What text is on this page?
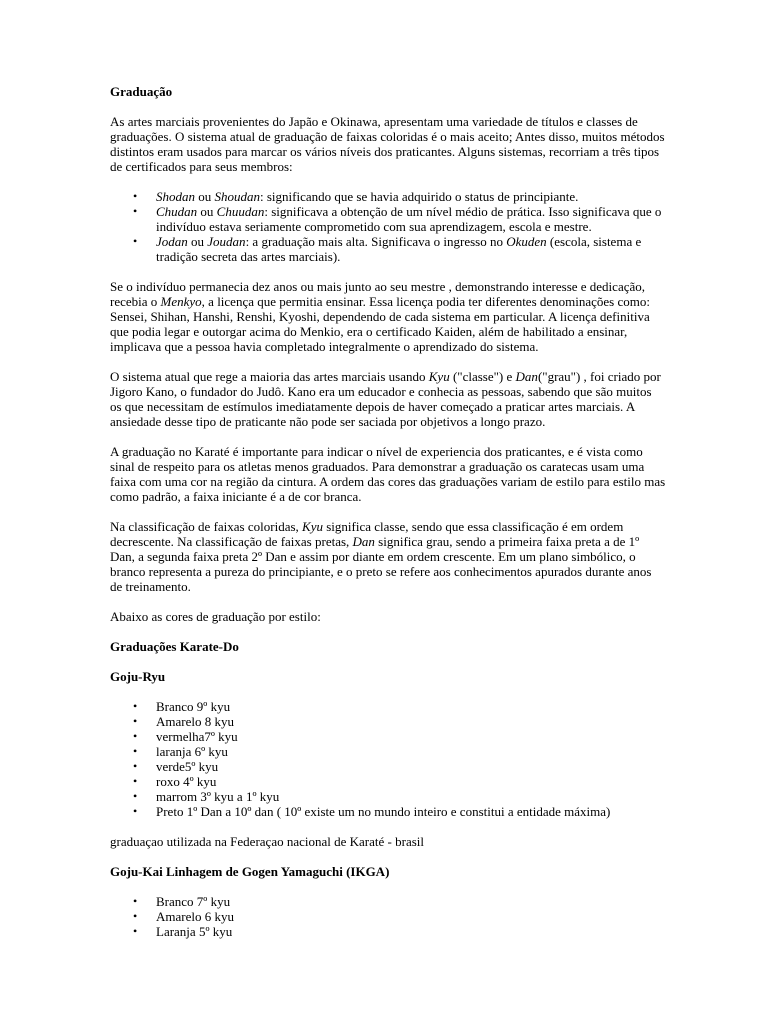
Graduação

As artes marciais provenientes do Japão e Okinawa, apresentam uma variedade de títulos e classes de graduações. O sistema atual de graduação de faixas coloridas é o mais aceito; Antes disso, muitos métodos distintos eram usados para marcar os vários níveis dos praticantes. Alguns sistemas, recorriam a três tipos de certificados para seus membros:

• Shodan ou Shoudan: significando que se havia adquirido o status de principiante.
• Chudan ou Chuudan: significava a obtenção de um nível médio de prática. Isso significava que o indivíduo estava seriamente comprometido com sua aprendizagem, escola e mestre.
• Jodan ou Joudan: a graduação mais alta. Significava o ingresso no Okuden (escola, sistema e tradição secreta das artes marciais).

Se o indivíduo permanecia dez anos ou mais junto ao seu mestre , demonstrando interesse e dedicação, recebia o Menkyo, a licença que permitia ensinar. Essa licença podia ter diferentes denominações como: Sensei, Shihan, Hanshi, Renshi, Kyoshi, dependendo de cada sistema em particular. A licença definitiva que podia legar e outorgar acima do Menkio, era o certificado Kaiden, além de habilitado a ensinar, implicava que a pessoa havia completado integralmente o aprendizado do sistema.

O sistema atual que rege a maioria das artes marciais usando Kyu ("classe") e Dan("grau") , foi criado por Jigoro Kano, o fundador do Judô. Kano era um educador e conhecia as pessoas, sabendo que são muitos os que necessitam de estímulos imediatamente depois de haver começado a praticar artes marciais. A ansiedade desse tipo de praticante não pode ser saciada por objetivos a longo prazo.

A graduação no Karaté é importante para indicar o nível de experiencia dos praticantes, e é vista como sinal de respeito para os atletas menos graduados. Para demonstrar a graduação os caratecas usam uma faixa com uma cor na região da cintura. A ordem das cores das graduações variam de estilo para estilo mas como padrão, a faixa iniciante é a de cor branca.

Na classificação de faixas coloridas, Kyu significa classe, sendo que essa classificação é em ordem decrescente. Na classificação de faixas pretas, Dan significa grau, sendo a primeira faixa preta a de 1º Dan, a segunda faixa preta 2º Dan e assim por diante em ordem crescente. Em um plano simbólico, o branco representa a pureza do principiante, e o preto se refere aos conhecimentos apurados durante anos de treinamento.

Abaixo as cores de graduação por estilo:

Graduações Karate-Do
Goju-Ryu
• Branco 9º kyu
• Amarelo 8 kyu
• vermelha7º kyu
• laranja 6º kyu
• verde5º kyu
• roxo 4º kyu
• marrom 3º kyu a 1º kyu
• Preto 1º Dan a 10º dan ( 10º existe um no mundo inteiro e constitui a entidade máxima)

graduaçao utilizada na Federaçao nacional de Karaté - brasil

Goju-Kai Linhagem de Gogen Yamaguchi (IKGA)
• Branco 7º kyu
• Amarelo 6 kyu
• Laranja 5º kyu
